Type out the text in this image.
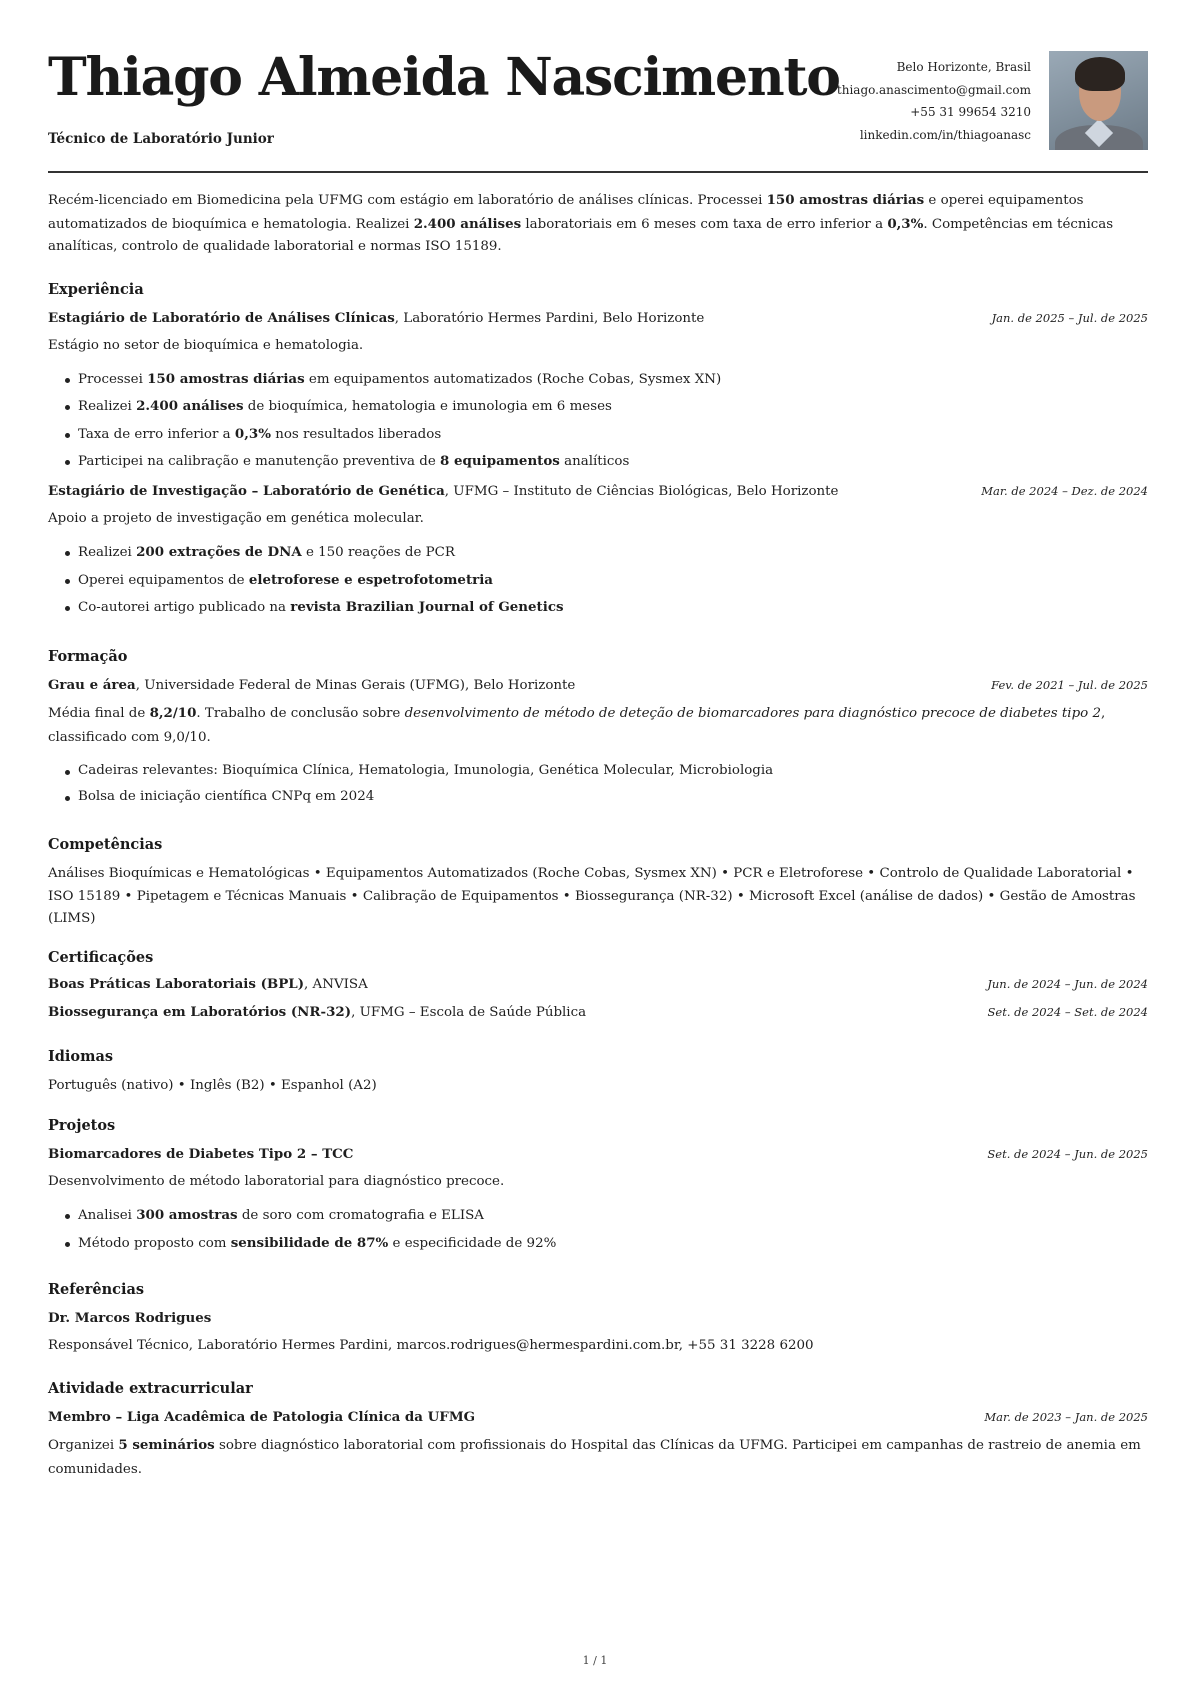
Thiago Almeida Nascimento
Técnico de Laboratório Junior
Belo Horizonte, Brasil
thiago.anascimento@gmail.com
+55 31 99654 3210
linkedin.com/in/thiagoanasc

Recém-licenciado em Biomedicina pela UFMG com estágio em laboratório de análises clínicas. Processei 150 amostras diárias e operei equipamentos automatizados de bioquímica e hematologia. Realizei 2.400 análises laboratoriais em 6 meses com taxa de erro inferior a 0,3%. Competências em técnicas analíticas, controlo de qualidade laboratorial e normas ISO 15189.

Experiência
Estagiário de Laboratório de Análises Clínicas, Laboratório Hermes Pardini, Belo Horizonte	Jan. de 2025 – Jul. de 2025
Estágio no setor de bioquímica e hematologia.
Processei 150 amostras diárias em equipamentos automatizados (Roche Cobas, Sysmex XN)
Realizei 2.400 análises de bioquímica, hematologia e imunologia em 6 meses
Taxa de erro inferior a 0,3% nos resultados liberados
Participei na calibração e manutenção preventiva de 8 equipamentos analíticos
Estagiário de Investigação – Laboratório de Genética, UFMG – Instituto de Ciências Biológicas, Belo Horizonte	Mar. de 2024 – Dez. de 2024
Apoio a projeto de investigação em genética molecular.
Realizei 200 extrações de DNA e 150 reações de PCR
Operei equipamentos de eletroforese e espetrofotometria
Co-autorei artigo publicado na revista Brazilian Journal of Genetics
Formação
Grau e área, Universidade Federal de Minas Gerais (UFMG), Belo Horizonte	Fev. de 2021 – Jul. de 2025
Média final de 8,2/10. Trabalho de conclusão sobre desenvolvimento de método de deteção de biomarcadores para diagnóstico precoce de diabetes tipo 2, classificado com 9,0/10.
Cadeiras relevantes: Bioquímica Clínica, Hematologia, Imunologia, Genética Molecular, Microbiologia
Bolsa de iniciação científica CNPq em 2024
Competências
Análises Bioquímicas e Hematológicas • Equipamentos Automatizados (Roche Cobas, Sysmex XN) • PCR e Eletroforese • Controlo de Qualidade Laboratorial • ISO 15189 • Pipetagem e Técnicas Manuais • Calibração de Equipamentos • Biossegurança (NR-32) • Microsoft Excel (análise de dados) • Gestão de Amostras (LIMS)
Certificações
Boas Práticas Laboratoriais (BPL), ANVISA	Jun. de 2024 – Jun. de 2024
Biossegurança em Laboratórios (NR-32), UFMG – Escola de Saúde Pública	Set. de 2024 – Set. de 2024
Idiomas
Português (nativo) • Inglês (B2) • Espanhol (A2)
Projetos
Biomarcadores de Diabetes Tipo 2 – TCC	Set. de 2024 – Jun. de 2025
Desenvolvimento de método laboratorial para diagnóstico precoce.
Analisei 300 amostras de soro com cromatografia e ELISA
Método proposto com sensibilidade de 87% e especificidade de 92%
Referências
Dr. Marcos Rodrigues
Responsável Técnico, Laboratório Hermes Pardini, marcos.rodrigues@hermespardini.com.br, +55 31 3228 6200
Atividade extracurricular
Membro – Liga Acadêmica de Patologia Clínica da UFMG	Mar. de 2023 – Jan. de 2025
Organizei 5 seminários sobre diagnóstico laboratorial com profissionais do Hospital das Clínicas da UFMG. Participei em campanhas de rastreio de anemia em comunidades.
1 / 1
